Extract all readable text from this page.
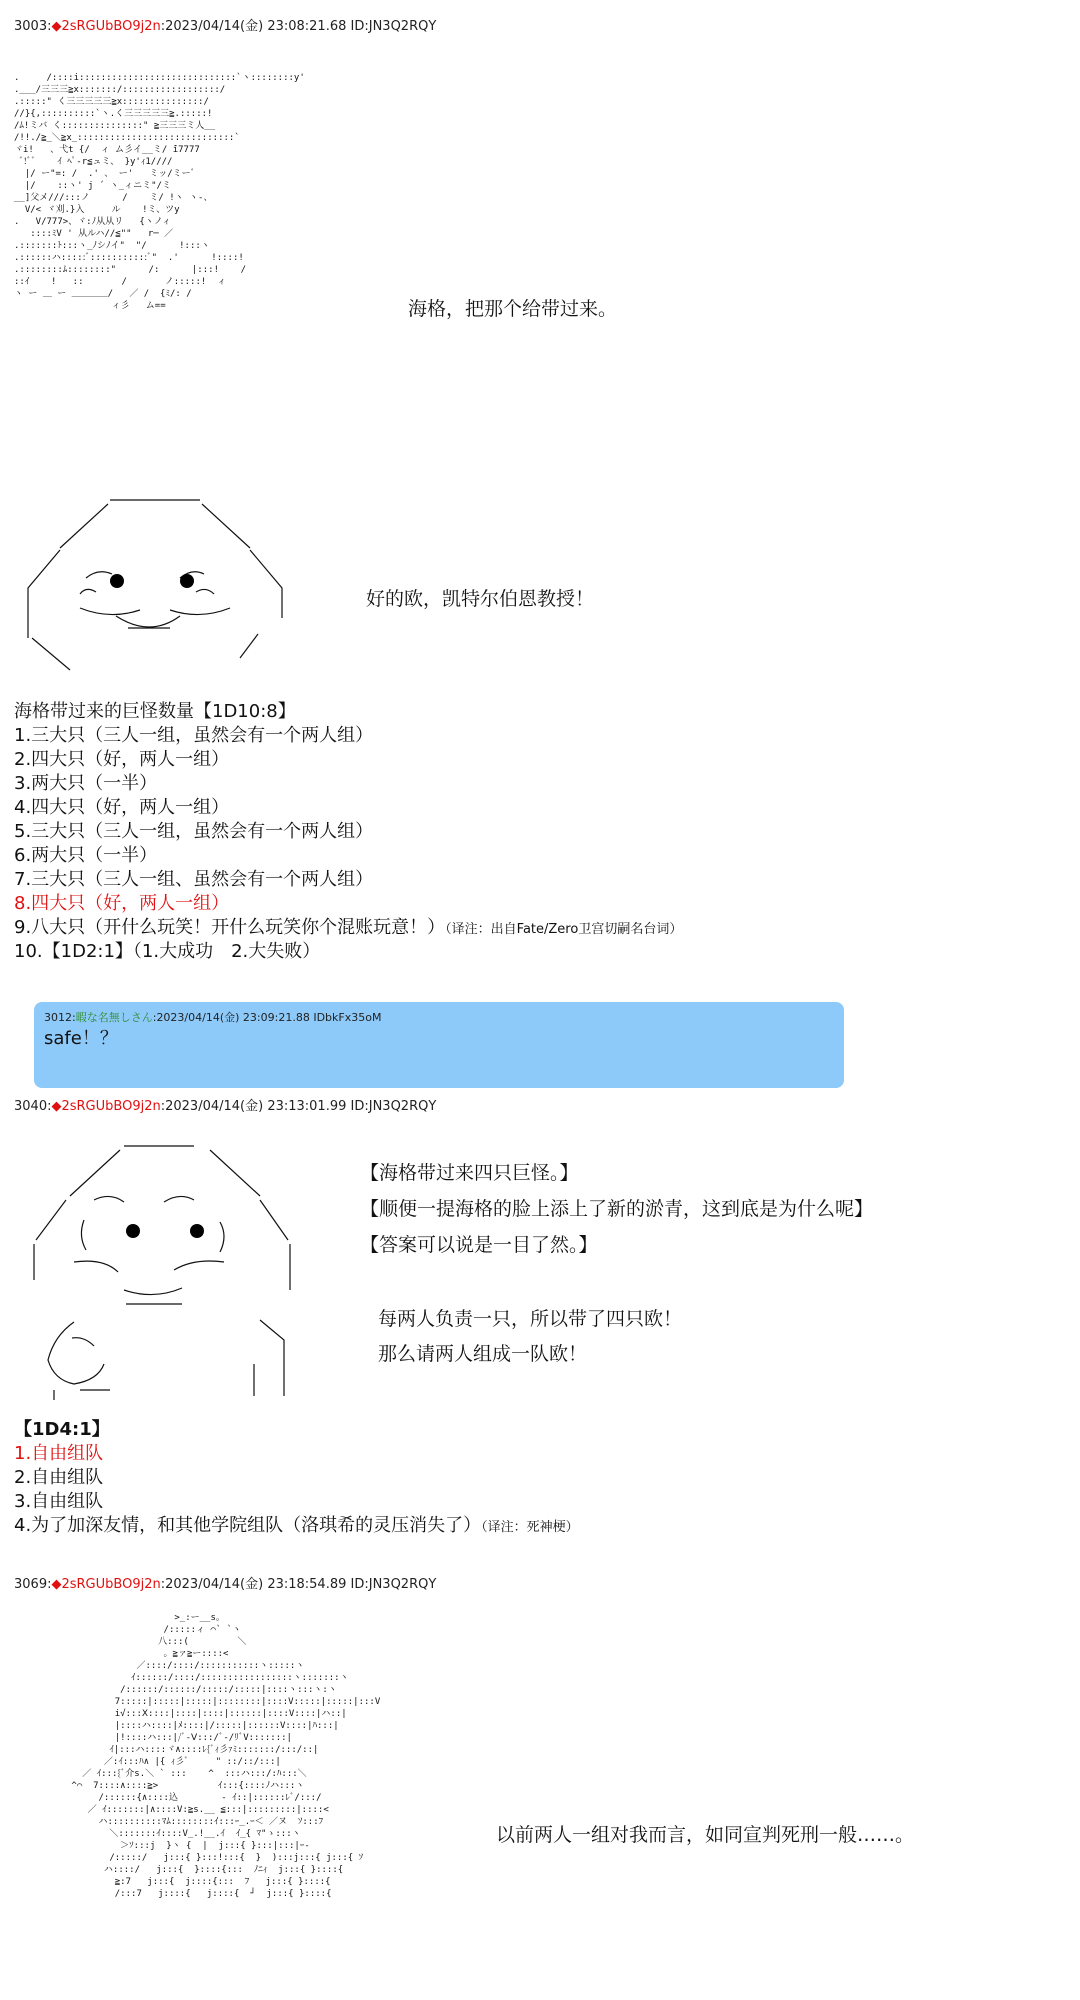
3003:◆2sRGUbBO9j2n:2023/04/14(金) 23:08:21.68 ID:JN3Q2RQY
.     /::::i:::::::::::::::::::::::::::::`ヽ::::::::y'
.___/三三三≧x:::::::/::::::::::::::::::/
.:::::" く三三三三三≧x:::::::::::::::/
//}{,::::::::::`ヽ.く三三三三三≧.:::::!
/ﾑ!ミバ く:::::::::::::::" ≧三三三ミ人__
/!!./≧_＼≧x_:::::::::::::::::::::::::::::`
ヾi!   、弋t {/  ィ ム彡イ__ミ/ ̄i7777
ﾞ!ﾞﾞ    ｲ ﾍﾟ‐r≦ュミ、 }y'ｨ1////
|/ ー"=: /  .' 、 ー'   ミッ/ミーﾞ
|/    ::ヽ' j ´ ヽ_ィニミ"/ミ
__]父メ///:::ノ      /    ミ/ !ヽ ヽ-、
V/< ヾ刈.}入     ル    !ミ、ツy
.   V/777>、ヾ:ﾉ从从リ   {ヽノィ
::::ﾐV ' 从ルハ//≦""   r─ ／
.:::::::ﾄ:::ヽ_ﾉシﾉイ"  "/      !:::ヽ
.::::::ハ:::::ﾞ:::::::::::ﾞ"  .'      !::::!
.::::::::ﾑ::::::::"      /:      |:::!    /
::ｲ    !   ::       /       ノ:::::!  ィ
ヽ ー ＿ ー ＿＿＿＿/   ／ /  {ﾐ/: /
ィ彡   ム==	海格，把那个给带过来。
好的欧，凯特尔伯恩教授！
海格带过来的巨怪数量【1D10:8】
1.三大只（三人一组，虽然会有一个两人组）
2.四大只（好，两人一组）
3.两大只（一半）
4.四大只（好，两人一组）
5.三大只（三人一组，虽然会有一个两人组）
6.两大只（一半）
7.三大只（三人一组、虽然会有一个两人组）
8.四大只（好，两人一组）
9.八大只（开什么玩笑！开什么玩笑你个混账玩意！）（译注：出自Fate/Zero卫宫切嗣名台词）
10.【1D2:1】（1.大成功　2.大失败）
3012:暇な名無しさん:2023/04/14(金) 23:09:21.88 IDbkFx35oM
safe！？
3040:◆2sRGUbBO9j2n:2023/04/14(金) 23:13:01.99 ID:JN3Q2RQY
【海格带过来四只巨怪。】
【顺便一提海格的脸上添上了新的淤青，这到底是为什么呢】
【答案可以说是一目了然。】
每两人负责一只，所以带了四只欧！
那么请两人组成一队欧！
【1D4:1】
1.自由组队
2.自由组队
3.自由组队
4.为了加深友情，和其他学院组队（洛琪希的灵压消失了）（译注：死神梗）
3069:◆2sRGUbBO9j2n:2023/04/14(金) 23:18:54.89 ID:JN3Q2RQY
>_:ー__s。
/:::::ィ ⌒` `ヽ
八:::(         ＼
。≧ァ≧ー::::<
／::::/::::/:::::::::::ヽ:::::ヽ
ｲ::::::/::::/:::::::::::::::::ヽ:::::::ヽ
/::::::/::::::/:::::/:::::|::::ヽ:::ヽ:ヽ
7:::::|:::::|:::::|::::::::|::::V:::::|:::::|:::V
i√:::Ⅹ::::|::::|::::|::::::|::::V::::|ハ::|
|::::ハ::::|ﾒ::::|/:::::|::::::V::::|ﾊ:::|
|!::::ハ:::|/ﾞ‐Ⅴ:::/ﾞ‐/ﾘﾞV:::::::|
ｲ|:::ハ::::ヾ∧::::ﾚ{ﾞｨ彡ｧﾐ:::::::/:::/::|
／:ｲ:::ﾊ∧ |{ ｨ彡ﾞ     " ::/::/:::|
／ ｲ:::{ﾞ介s.＼ ` :::    ^  :::ハ:::/:ﾊ:::＼
^⌒  7::::∧::::≧>           ｲ:::{::::ﾉハ:::ヽ
/::::::{∧::::込        ‐ ｲ::|::::::ﾚﾞ/:::/
／ ｲ:::::::|∧::::V:≧s.__ ≦:::|:::::::::|::::<
ハ::::::::::ﾏﾑ::::::::ｲ:::ｰ_.ｰ＜ ／ヌ  ｿ:::ﾌ
＼:::::::ｲ::::V_.!__.ｲ  ｲ_{ ﾏ"ゝ:::ヽ
＞ｿ:::j  }ヽ {  |  j:::{ }:::|:::|ｰ-
/:::::/   j:::{ }:::!:::{  }  ):::j:::{ j:::{ ｿ
ハ::::/   j:::{  }::::{:::  ﾉﾆｨ  j:::{ }::::{
≧:7   j:::{  j::::{:::  ﾌ   j:::{ }::::{
/:::7   j::::{   j::::{  ┘  j:::{ }::::{

以前两人一组对我而言，如同宣判死刑一般……。
